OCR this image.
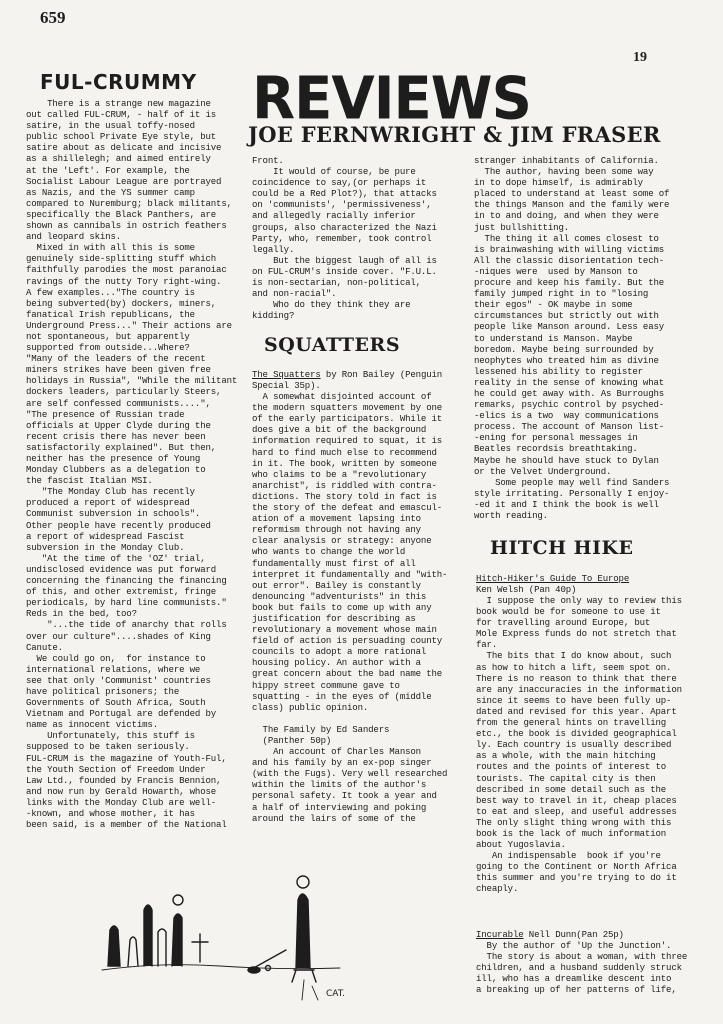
659
19
REVIEWS
JOE FERNWRIGHT & JIM FRASER
FUL-CRUMMY
There is a strange new magazine
out called FUL-CRUM, - half of it is
satire, in the usual toffy-nosed
public school Private Eye style, but
satire about as delicate and incisive
as a shillelegh; and aimed entirely
at the 'Left'. For example, the
Socialist Labour League are portrayed
as Nazis, and the YS summer camp
compared to Nuremburg; black militants,
specifically the Black Panthers, are
shown as cannibals in ostrich feathers
and leopard skins.
Mixed in with all this is some
genuinely side-splitting stuff which
faithfully parodies the most paranoiac
ravings of the nutty Tory right-wing.
A few examples..."The country is
being subverted(by) dockers, miners,
fanatical Irish republicans, the
Underground Press..." Their actions are
not spontaneous, but apparently
supported from outside...Where?
"Many of the leaders of the recent
miners strikes have been given free
holidays in Russia", "While the militant
dockers leaders, particularly Steers,
are self confessed communists....",
"The presence of Russian trade
officials at Upper Clyde during the
recent crisis there has never been
satisfactorily explained". But then,
neither has the presence of Young
Monday Clubbers as a delegation to
the fascist Italian MSI.
"The Monday Club has recently
produced a report of widespread
Communist subversion in schools".
Other people have recently produced
a report of widespread Fascist
subversion in the Monday Club.
"At the time of the 'OZ' trial,
undisclosed evidence was put forward
concerning the financing the financing
of this, and other extremist, fringe
periodicals, by hard line communists."
Reds in the bed, too?
"...the tide of anarchy that rolls
over our culture"....shades of King
Canute.
We could go on,  for instance to
international relations, where we
see that only 'Communist' countries
have political prisoners; the
Governments of South Africa, South
Vietnam and Portugal are defended by
name as innocent victims.
Unfortunately, this stuff is
supposed to be taken seriously.
FUL-CRUM is the magazine of Youth-Ful,
the Youth Section of Freedom Under
Law Ltd., founded by Francis Bennion,
and now run by Gerald Howarth, whose
links with the Monday Club are well-
-known, and whose mother, it has
been said, is a member of the National
Front.
It would of course, be pure
coincidence to say,(or perhaps it
could be a Red Plot?), that attacks
on 'communists', 'permissiveness',
and allegedly racially inferior
groups, also characterized the Nazi
Party, who, remember, took control
legally.
But the biggest laugh of all is
on FUL-CRUM's inside cover. "F.U.L.
is non-sectarian, non-political,
and non-racial".
Who do they think they are
kidding?
SQUATTERS
The Squatters by Ron Bailey (Penguin
Special 35p).
A somewhat disjointed account of
the modern squatters movement by one
of the early participators. While it
does give a bit of the background
information required to squat, it is
hard to find much else to recommend
in it. The book, written by someone
who claims to be a "revolutionary
anarchist", is riddled with contra-
dictions. The story told in fact is
the story of the defeat and emascul-
ation of a movement lapsing into
reformism through not having any
clear analysis or strategy: anyone
who wants to change the world
fundamentally must first of all
interpret it fundamentally and "with-
out error". Bailey is constantly
denouncing "adventurists" in this
book but fails to come up with any
justification for describing as
revolutionary a movement whose main
field of action is persuading county
councils to adopt a more rational
housing policy. An author with a
great concern about the bad name the
hippy street commune gave to
squatting - in the eyes of (middle
class) public opinion.

The Family by Ed Sanders
(Panther 50p)
An account of Charles Manson
and his family by an ex-pop singer
(with the Fugs). Very well researched
within the limits of the author's
personal safety. It took a year and
a half of interviewing and poking
around the lairs of some of the
stranger inhabitants of California.
The author, having been some way
in to dope himself, is admirably
placed to understand at least some of
the things Manson and the family were
in to and doing, and when they were
just bullshitting.
The thing it all comes closest to
is brainwashing with willing victims
All the classic disorientation tech-
-niques were  used by Manson to
procure and keep his family. But the
family jumped right in to "losing
their egos" - OK maybe in some
circumstances but strictly out with
people like Manson around. Less easy
to understand is Manson. Maybe
boredom. Maybe being surrounded by
neophytes who treated him as divine
lessened his ability to register
reality in the sense of knowing what
he could get away with. As Burroughs
remarks, psychic control by psyched-
-elics is a two  way communications
process. The account of Manson list-
-ening for personal messages in
Beatles recordsis breathtaking.
Maybe he should have stuck to Dylan
or the Velvet Underground.
Some people may well find Sanders
style irritating. Personally I enjoy-
-ed it and I think the book is well
worth reading.
HITCH HIKE
Hitch-Hiker's Guide To Europe
Ken Welsh (Pan 40p)
I suppose the only way to review this
book would be for someone to use it
for travelling around Europe, but
Mole Express funds do not stretch that
far.
The bits that I do know about, such
as how to hitch a lift, seem spot on.
There is no reason to think that there
are any inaccuracies in the information
since it seems to have been fully up-
dated and revised for this year. Apart
from the general hints on travelling
etc., the book is divided geographical
ly. Each country is usually described
as a whole, with the main hitching
routes and the points of interest to
tourists. The capital city is then
described in some detail such as the
best way to travel in it, cheap places
to eat and sleep, and useful addresses
The only slight thing wrong with this
book is the lack of much information
about Yugoslavia.
An indispensable  book if you're
going to the Continent or North Africa
this summer and you're trying to do it
cheaply.
Incurable Nell Dunn(Pan 25p)
By the author of 'Up the Junction'.
The story is about a woman, with three
children, and a husband suddenly struck
ill, who has a dreamlike descent into
a breaking up of her patterns of life,
CAT.
